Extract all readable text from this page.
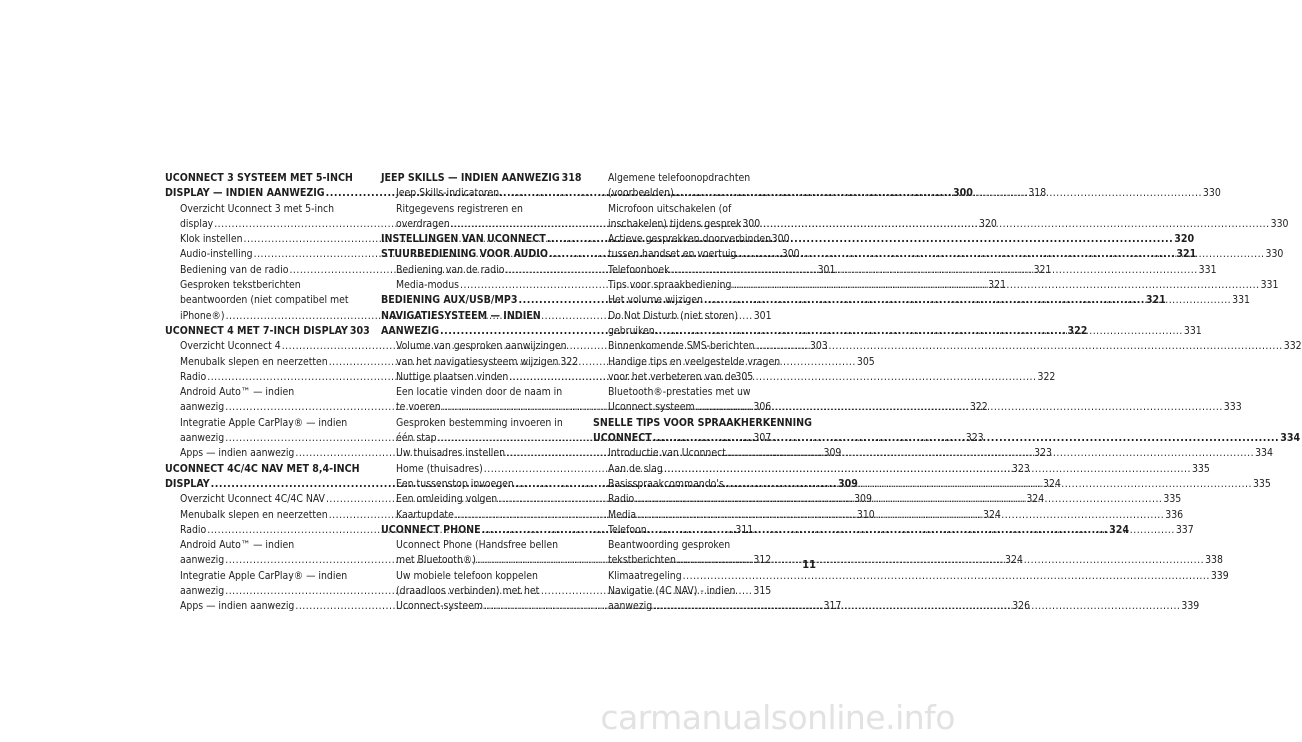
UCONNECT 3 SYSTEEM MET 5-INCH
DISPLAY — INDIEN AANWEZIG .....	300
Overzicht Uconnect 3 met 5-inch
display .....	300
Klok instellen .....	300
Audio-instelling .....	300
Bediening van de radio .....	301
Gesproken tekstberichten
beantwoorden (niet compatibel met
iPhone®) .....	301
UCONNECT 4 MET 7-INCH DISPLAY 303
Overzicht Uconnect 4 .....	303
Menubalk slepen en neerzetten .....	305
Radio .....	305
Android Auto™ — indien
aanwezig .....	306
Integratie Apple CarPlay® — indien
aanwezig .....	307
Apps — indien aanwezig .....	309
UCONNECT 4C/4C NAV MET 8,4-INCH
DISPLAY .....	309
Overzicht Uconnect 4C/4C NAV .....	309
Menubalk slepen en neerzetten .....	310
Radio .....	311
Android Auto™ — indien
aanwezig .....	312
Integratie Apple CarPlay® — indien
aanwezig .....	315
Apps — indien aanwezig .....	317
JEEP SKILLS — INDIEN AANWEZIG 318
Jeep Skills-indicatoren .....	318
Ritgegevens registreren en
overdragen .....	320
INSTELLINGEN VAN UCONNECT .....	320
STUURBEDIENING VOOR AUDIO .....	321
Bediening van de radio .....	321
Media-modus .....	321
BEDIENING AUX/USB/MP3 .....	321
NAVIGATIESYSTEEM — INDIEN
AANWEZIG .....	322
Volume van gesproken aanwijzingen
van het navigatiesysteem wijzigen 322
Nuttige plaatsen vinden .....	322
Een locatie vinden door de naam in
te voeren .....	322
Gesproken bestemming invoeren in
één stap .....	323
Uw thuisadres instellen .....	323
Home (thuisadres) .....	323
Een tussenstop invoegen .....	324
Een omleiding volgen .....	324
Kaartupdate .....	324
UCONNECT PHONE .....	324
Uconnect Phone (Handsfree bellen
met Bluetooth®) .....	324
Uw mobiele telefoon koppelen
(draadloos verbinden) met het
Uconnect-systeem .....	326
Algemene telefoonopdrachten
(voorbeelden) .....	330
Microfoon uitschakelen (of
inschakelen) tijdens gesprek .....	330
Actieve gesprekken doorverbinden
tussen handset en voertuig .....	330
Telefoonboek .....	331
Tips voor spraakbediening .....	331
Het volume wijzigen .....	331
Do Not Disturb (niet storen)
gebruiken .....	331
Binnenkomende SMS-berichten .....	332
Handige tips en veelgestelde vragen
voor het verbeteren van de
Bluetooth®-prestaties met uw
Uconnect systeem .....	333
SNELLE TIPS VOOR SPRAAKHERKENNING
UCONNECT .....	334
Introductie van Uconnect .....	334
Aan de slag .....	335
Basisspraakcommando's .....	335
Radio .....	335
Media .....	336
Telefoon .....	337
Beantwoording gesproken
tekstberichten .....	338
Klimaatregeling .....	339
Navigatie (4C NAV) - indien
aanwezig .....	339
11
carmanualsonline.info
